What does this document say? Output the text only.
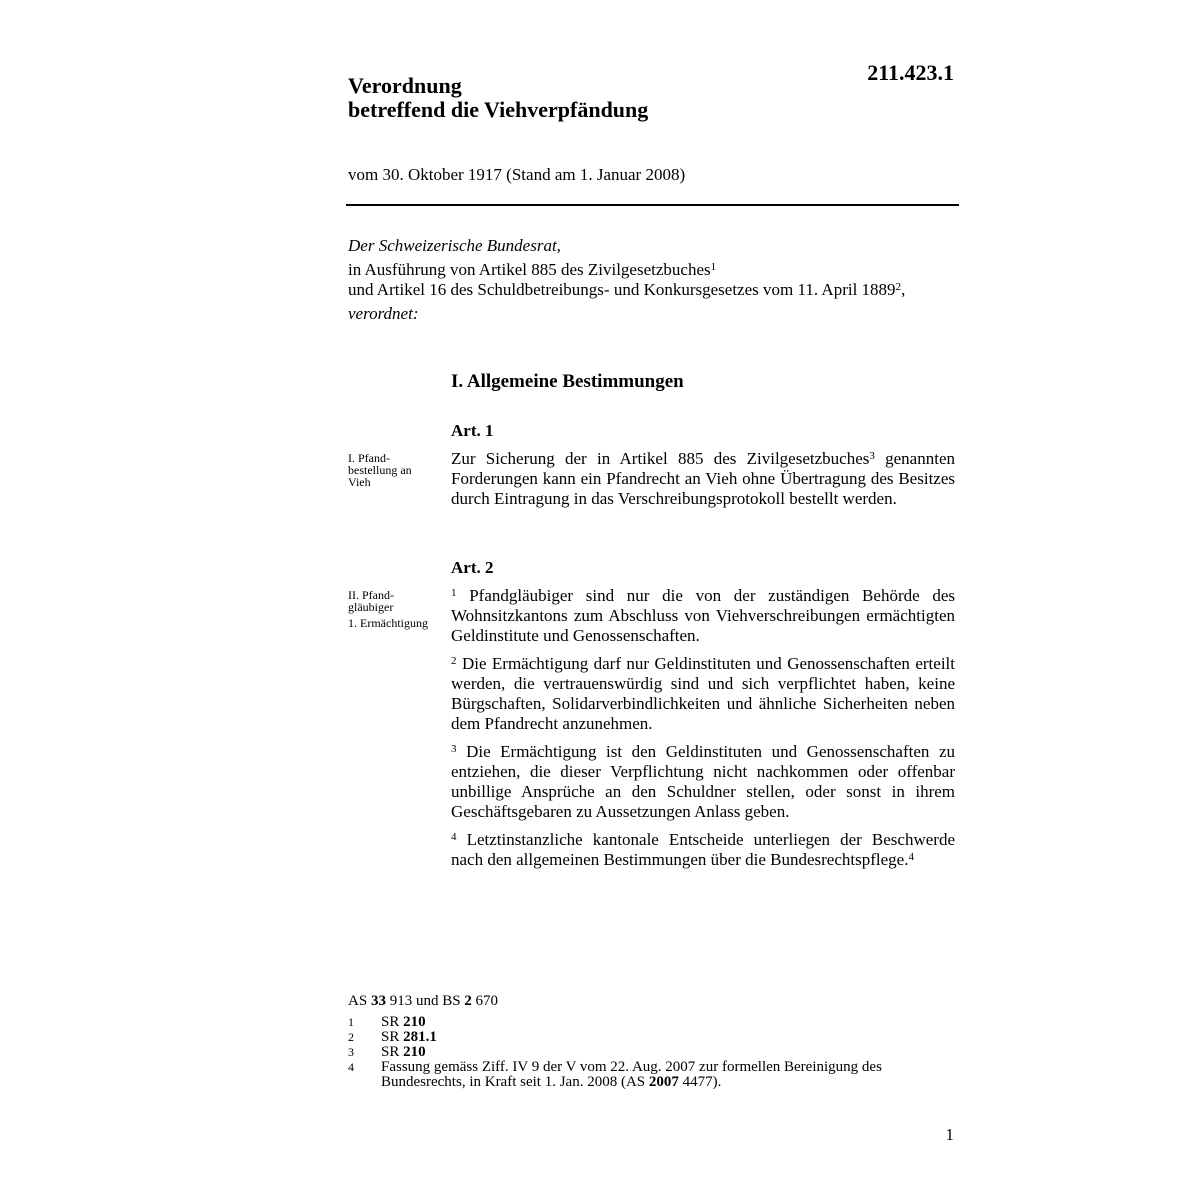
211.423.1
Verordnung
betreffend die Viehverpfändung
vom 30. Oktober 1917 (Stand am 1. Januar 2008)

Der Schweizerische Bundesrat,

in Ausführung von Artikel 885 des Zivilgesetzbuches$^1$

und Artikel 16 des Schuldbetreibungs- und Konkursgesetzes vom 11. April 1889$^2$,

verordnet:

I. Allgemeine Bestimmungen
Art. 1
I. Pfand-
bestellung an
Vieh

Zur Sicherung der in Artikel 885 des Zivilgesetzbuches$^3$ genannten Forderungen kann ein Pfandrecht an Vieh ohne Übertragung des Besitzes durch Eintragung in das Verschreibungsprotokoll bestellt werden.

Art. 2
II. Pfand-
gläubiger
1. Ermächtigung

$^1$ Pfandgläubiger sind nur die von der zuständigen Behörde des Wohnsitzkantons zum Abschluss von Viehverschreibungen ermächtigten Geldinstitute und Genossenschaften.

$^2$ Die Ermächtigung darf nur Geldinstituten und Genossenschaften erteilt werden, die vertrauenswürdig sind und sich verpflichtet haben, keine Bürgschaften, Solidarverbindlichkeiten und ähnliche Sicherheiten neben dem Pfandrecht anzunehmen.

$^3$ Die Ermächtigung ist den Geldinstituten und Genossenschaften zu entziehen, die dieser Verpflichtung nicht nachkommen oder offenbar unbillige Ansprüche an den Schuldner stellen, oder sonst in ihrem Geschäftsgebaren zu Aussetzungen Anlass geben.

$^4$ Letztinstanzliche kantonale Entscheide unterliegen der Beschwerde nach den allgemeinen Bestimmungen über die Bundesrechtspflege.$^4$

AS 33 913 und BS 2 670
1	SR 210
2	SR 281.1
3	SR 210
4	Fassung gemäss Ziff. IV 9 der V vom 22. Aug. 2007 zur formellen Bereinigung des Bundesrechts, in Kraft seit 1. Jan. 2008 (AS 2007 4477).
1
